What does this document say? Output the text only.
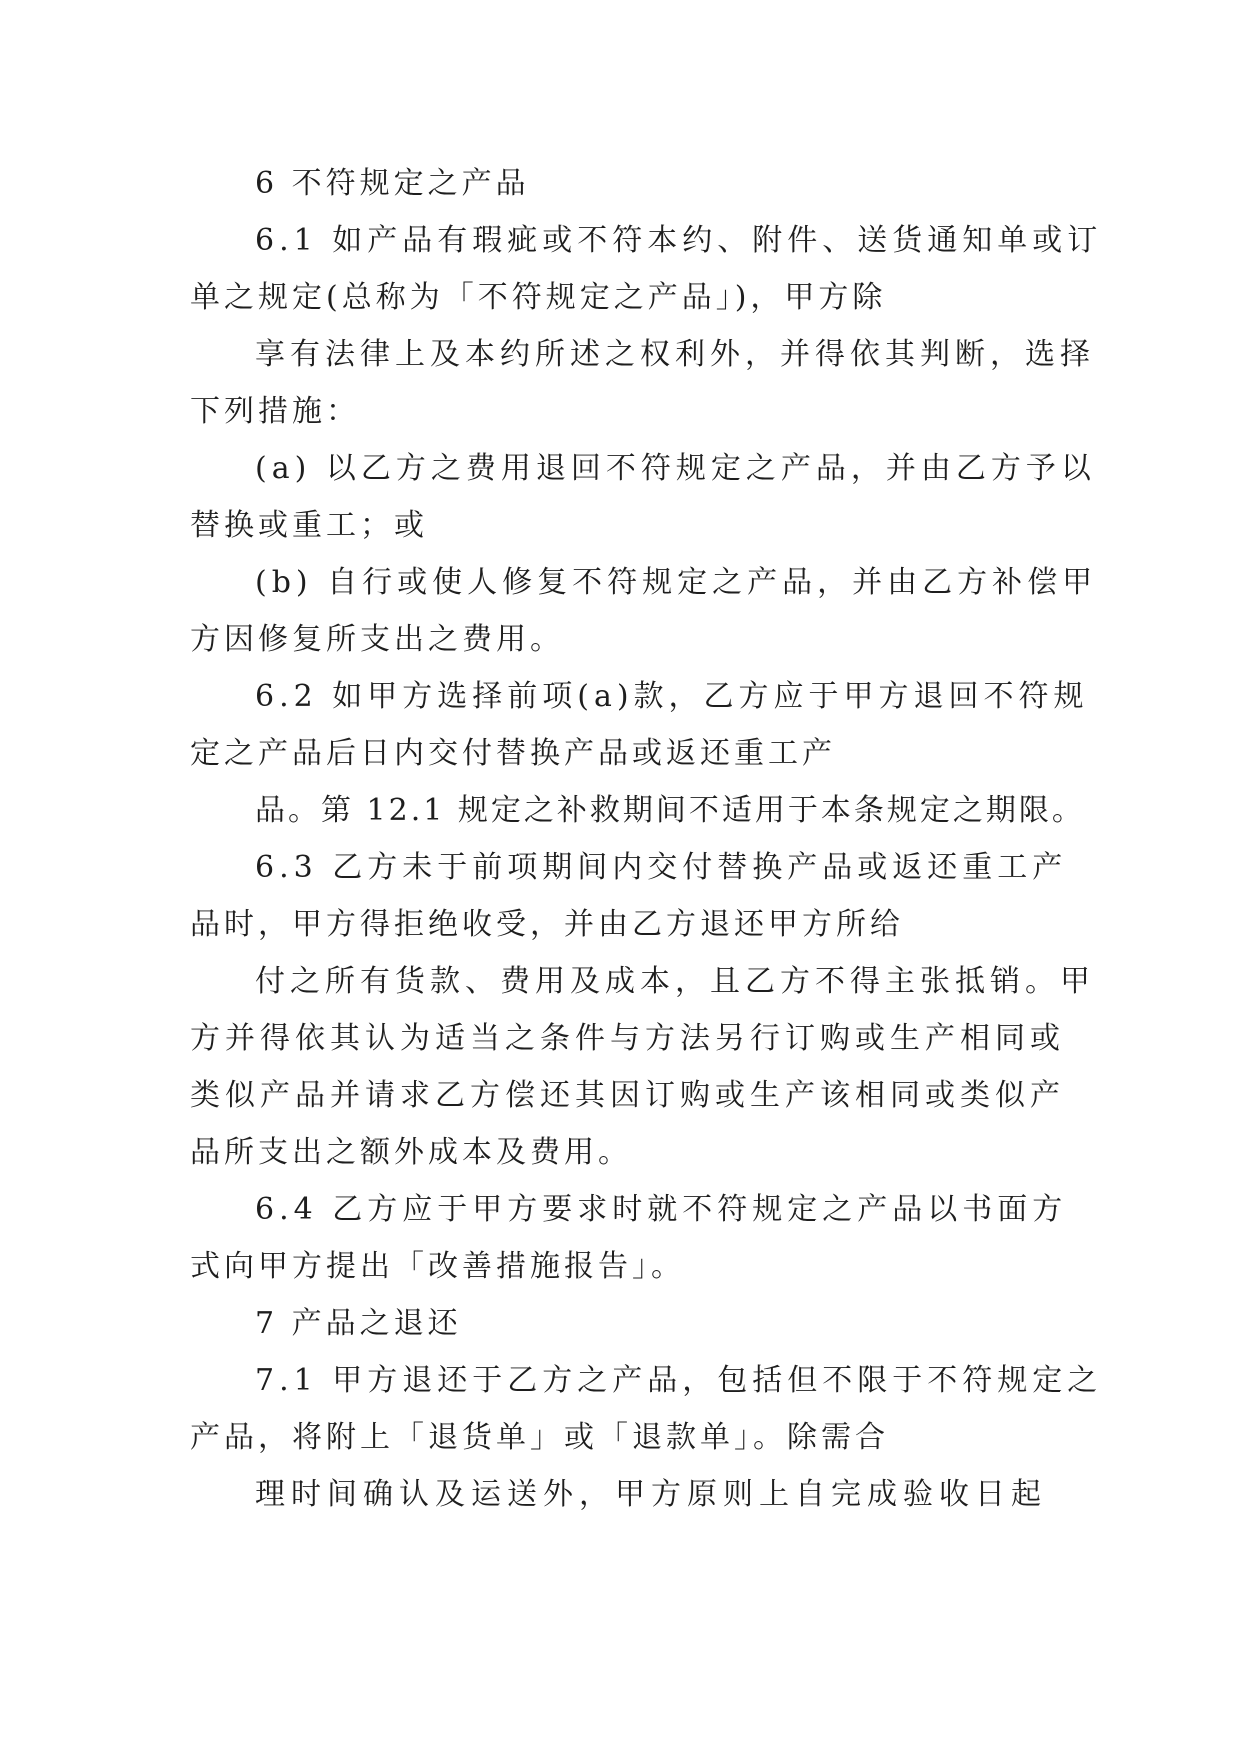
6 不符规定之产品
6.1 如产品有瑕疵或不符本约、附件、送货通知单或订
单之规定(总称为「不符规定之产品」)，甲方除
享有法律上及本约所述之权利外，并得依其判断，选择
下列措施：
(a) 以乙方之费用退回不符规定之产品，并由乙方予以
替换或重工；或
(b) 自行或使人修复不符规定之产品，并由乙方补偿甲
方因修复所支出之费用。
6.2 如甲方选择前项(a)款，乙方应于甲方退回不符规
定之产品后日内交付替换产品或返还重工产
品。第 12.1 规定之补救期间不适用于本条规定之期限。
6.3 乙方未于前项期间内交付替换产品或返还重工产
品时，甲方得拒绝收受，并由乙方退还甲方所给
付之所有货款、费用及成本，且乙方不得主张抵销。甲
方并得依其认为适当之条件与方法另行订购或生产相同或
类似产品并请求乙方偿还其因订购或生产该相同或类似产
品所支出之额外成本及费用。
6.4 乙方应于甲方要求时就不符规定之产品以书面方
式向甲方提出「改善措施报告」。
7 产品之退还
7.1 甲方退还于乙方之产品，包括但不限于不符规定之
产品，将附上「退货单」或「退款单」。除需合
理时间确认及运送外，甲方原则上自完成验收日起
